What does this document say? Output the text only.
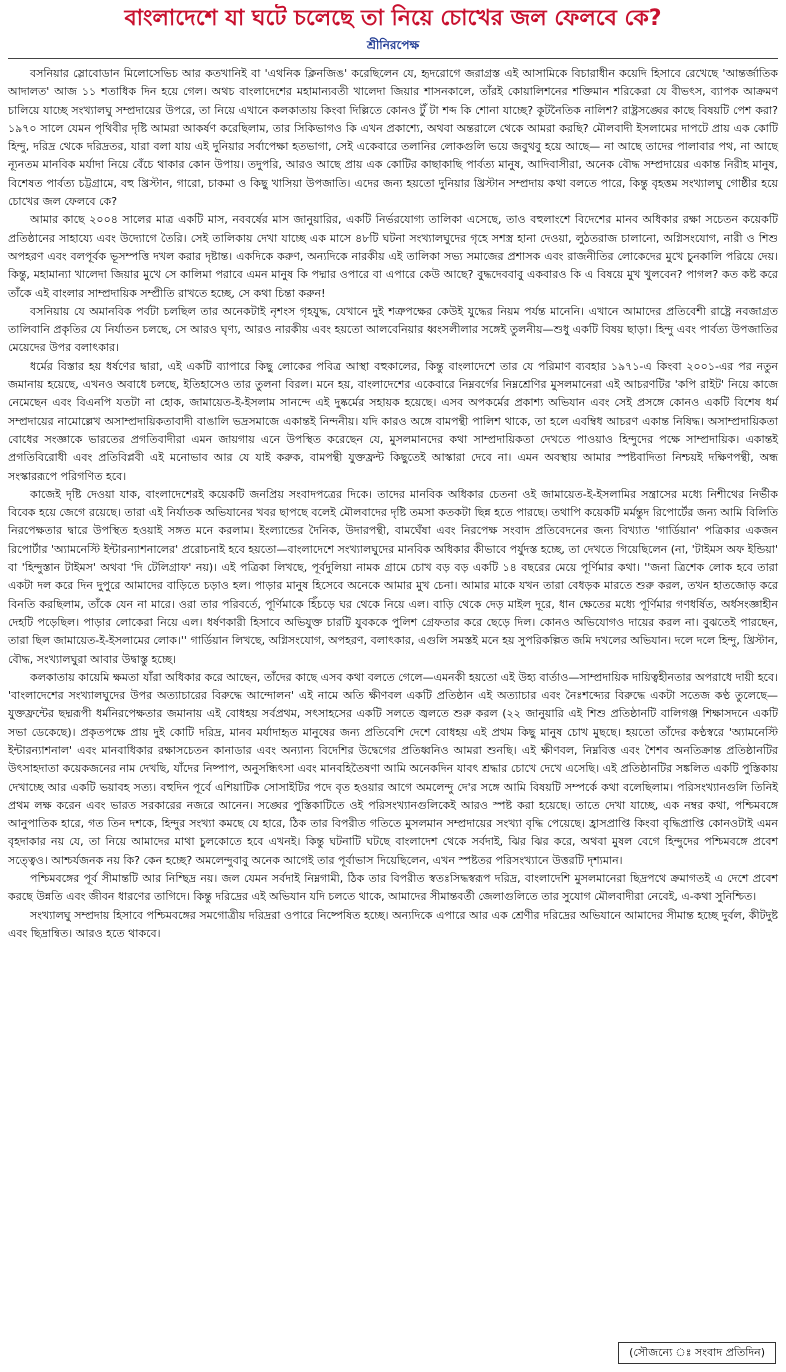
বাংলাদেশে যা ঘটে চলেছে তা নিয়ে চোখের জল ফেলবে কে?
শ্রীনিরপেক্ষ

বসনিয়ার স্লোবোডান মিলোসেভিচ আর কতখানিই বা 'এথনিক ক্লিনজিঙ' করেছিলেন যে, হৃদরোগে জরাগ্রস্ত এই আসামিকে বিচারাধীন কয়েদি হিসাবে রেখেছে 'আন্তর্জাতিক আদালত' আজ ১১ শতাধিক দিন হয়ে গেল। অথচ বাংলাদেশের মহামান্যবতী খালেদা জিয়ার শাসনকালে, তাঁরই কোয়ালিশনের শক্তিমান শরিকেরা যে বীভৎস, ব্যাপক আক্রমণ চালিয়ে যাচ্ছে সংখ্যালঘু সম্প্রদায়ের উপরে, তা নিয়ে এখানে কলকাতায় কিংবা দিল্লিতে কোনও টুঁ টা শব্দ কি শোনা যাচ্ছে? কূটনৈতিক নালিশ? রাষ্ট্রসঙ্ঘের কাছে বিষয়টি পেশ করা? ১৯৭০ সালে যেমন পৃথিবীর দৃষ্টি আমরা আকর্ষণ করেছিলাম, তার সিকিভাগও কি এখন প্রকাশ্যে, অথবা অন্তরালে থেকে আমরা করছি? মৌলবাদী ইসলামের দাপটে প্রায় এক কোটি হিন্দু, দরিদ্র থেকে দরিদ্রতর, যারা বলা যায় এই দুনিয়ার সর্বাপেক্ষা হতভাগা, সেই একেবারে তলানির লোকগুলি ভয়ে জবুথবু হয়ে আছে— না আছে তাদের পালাবার পথ, না আছে ন্যূনতম মানবিক মর্যাদা নিয়ে বেঁচে থাকার কোন উপায়। তদুপরি, আরও আছে প্রায় এক কোটির কাছাকাছি পার্বত্য মানুষ, আদিবাসীরা, অনেক বৌদ্ধ সম্প্রদায়ের একান্ত নিরীহ মানুষ, বিশেষত পার্বত্য চট্টগ্রামে, বহু খ্রিস্টান, গারো, চাকমা ও কিছু খাসিয়া উপজাতি। এদের জন্য হয়তো দুনিয়ার খ্রিস্টান সম্প্রদায় কথা বলতে পারে, কিন্তু বৃহত্তম সংখ্যালঘু গোষ্ঠীর হয়ে চোখের জল ফেলবে কে?

আমার কাছে ২০০৪ সালের মাত্র একটি মাস, নববর্ষের মাস জানুয়ারির, একটি নির্ভরযোগ্য তালিকা এসেছে, তাও বহুলাংশে বিদেশের মানব অধিকার রক্ষা সচেতন কয়েকটি প্রতিষ্ঠানের সাহায্যে এবং উদ্যোগে তৈরি। সেই তালিকায় দেখা যাচ্ছে এক মাসে ৪৮টি ঘটনা সংখ্যালঘুদের গৃহে সশস্ত্র হানা দেওয়া, লুঠতরাজ চালানো, অগ্নিসংযোগ, নারী ও শিশু অপহরণ এবং বলপূর্বক ভূসম্পত্তি দখল করার দৃষ্টান্ত। একদিকে করুণ, অন্যদিকে নারকীয় এই তালিকা সভ্য সমাজের প্রশাসক এবং রাজনীতির লোকেদের মুখে চুনকালি পরিয়ে দেয়। কিন্তু, মহামান্যা খালেদা জিয়ার মুখে সে কালিমা পরাবে এমন মানুষ কি পদ্মার ওপারে বা এপারে কেউ আছে? বুদ্ধদেববাবু একবারও কি এ বিষয়ে মুখ খুলবেন? পাগল? কত কষ্ট করে তাঁকে এই বাংলার সাম্প্রদায়িক সম্প্রীতি রাখতে হচ্ছে, সে কথা চিন্তা করুন!

বসনিয়ায় যে অমানবিক পর্বটা চলছিল তার অনেকটাই নৃশংস গৃহযুদ্ধ, যেখানে দুই শত্রুপক্ষের কেউই যুদ্ধের নিয়ম পর্যন্ত মানেনি। এখানে আমাদের প্রতিবেশী রাষ্ট্রে নবজাগ্রত তালিবানি প্রকৃতির যে নির্যাতন চলছে, সে আরও ঘৃণ্য, আরও নারকীয় এবং হয়তো আলবেনিয়ার ধ্বংসলীলার সঙ্গেই তুলনীয়—শুধু একটি বিষয় ছাড়া। হিন্দু এবং পার্বত্য উপজাতির মেয়েদের উপর বলাৎকার।

ধর্মের বিস্তার হয় ধর্ষণের দ্বারা, এই একটি ব্যাপারে কিছু লোকের পবিত্র আস্থা বহুকালের, কিন্তু বাংলাদেশে তার যে পরিমাণ ব্যবহার ১৯৭১-এ কিংবা ২০০১-এর পর নতুন জমানায় হয়েছে, এখনও অবাধে চলছে, ইতিহাসেও তার তুলনা বিরল। মনে হয়, বাংলাদেশের একেবারে নিম্নবর্গের নিম্নশ্রেণির মুসলমানেরা এই আচরণটির 'কপি রাইট' নিয়ে কাজে নেমেছেন এবং বিএনপি যতটা না হোক, জামায়েত-ই-ইসলাম সানন্দে এই দুষ্কর্মের সহায়ক হয়েছে। এসব অপকর্মের প্রকাশ্য অভিযান এবং সেই প্রসঙ্গে কোনও একটি বিশেষ ধর্ম সম্প্রদায়ের নামোল্লেখ অসাম্প্রদায়িকতাবাদী বাঙালি ভদ্রসমাজে একান্তই নিন্দনীয়। যদি কারও অঙ্গে বামপন্থী পালিশ থাকে, তা হলে এবম্বিধ আচরণ একান্ত নিষিদ্ধ। অসাম্প্রদায়িকতা বোধের সংজ্ঞাকে ভারতের প্রগতিবাদীরা এমন জায়গায় এনে উপস্থিত করেছেন যে, মুসলমানদের কথা সাম্প্রদায়িকতা দেখতে পাওয়াও হিন্দুদের পক্ষে সাম্প্রদায়িক। একান্তই প্রগতিবিরোধী এবং প্রতিবিপ্লবী এই মনোভাব আর যে যাই করুক, বামপন্থী যুক্তফ্রন্ট কিছুতেই আস্কারা দেবে না। এমন অবস্থায় আমার স্পষ্টবাদিতা নিশ্চয়ই দক্ষিণপন্থী, অন্ধ সংস্কাররূপে পরিগণিত হবে।

কাজেই দৃষ্টি দেওয়া যাক, বাংলাদেশেরই কয়েকটি জনপ্রিয় সংবাদপত্রের দিকে। তাদের মানবিক অধিকার চেতনা ওই জামায়েত-ই-ইসলামির সন্ত্রাসের মধ্যে নিশীথের নির্ভীক বিবেক হয়ে জেগে রয়েছে। তারা এই নির্যাতক অভিযানের খবর ছাপছে বলেই মৌলবাদের দৃষ্টি তমসা কতকটা ছিন্ন হতে পারছে। তথাপি কয়েকটি মর্মন্তুদ রিপোর্টের জন্য আমি বিলিতি নিরপেক্ষতার দ্বারে উপস্থিত হওয়াই সঙ্গত মনে করলাম। ইংল্যান্ডের দৈনিক, উদারপন্থী, বামঘেঁষা এবং নিরপেক্ষ সংবাদ প্রতিবেদনের জন্য বিখ্যাত 'গার্ডিয়ান' পত্রিকার একজন রিপোর্টার 'অ্যামনেস্টি ইন্টারন্যাশনালের' প্ররোচনাই হবে হয়তো—বাংলাদেশে সংখ্যালঘুদের মানবিক অধিকার কীভাবে পর্যুদস্ত হচ্ছে, তা দেখতে গিয়েছিলেন (না, 'টাইমস অফ ইন্ডিয়া' বা 'হিন্দুস্তান টাইমস' অথবা 'দি টেলিগ্রাফ' নয়)। এই পত্রিকা লিখছে, পূর্বদুলিয়া নামক গ্রামে চোখ বড় বড় একটি ১৪ বছরের মেয়ে পূর্ণিমার কথা। ''জনা ত্রিশেক লোক হবে তারা একটা দল করে দিন দুপুরে আমাদের বাড়িতে চড়াও হল। পাড়ার মানুষ হিসেবে অনেকে আমার মুখ চেনা। আমার মাকে যখন তারা বেধড়ক মারতে শুরু করল, তখন হাতজোড় করে বিনতি করছিলাম, তাঁকে যেন না মারে। ওরা তার পরিবর্তে, পূর্ণিমাকে হিঁচড়ে ঘর থেকে নিয়ে এল। বাড়ি থেকে দেড় মাইল দূরে, ধান ক্ষেতের মধ্যে পূর্ণিমার গণধর্ষিত, অর্ধসংজ্ঞাহীন দেহটি পড়েছিল। পাড়ার লোকেরা নিয়ে এল। ধর্ষণকারী হিসাবে অভিযুক্ত চারটি যুবককে পুলিশ গ্রেফতার করে ছেড়ে দিল। কোনও অভিযোগও দায়ের করল না। বুঝতেই পারছেন, তারা ছিল জামায়েত-ই-ইসলামের লোক।'' গার্ডিয়ান লিখছে, অগ্নিসংযোগ, অপহরণ, বলাৎকার, এগুলি সমস্তই মনে হয় সুপরিকল্পিত জমি দখলের অভিযান। দলে দলে হিন্দু, খ্রিস্টান, বৌদ্ধ, সংখ্যালঘুরা আবার উদ্বাস্তু হচ্ছে।

কলকাতায় কায়েমি ক্ষমতা যাঁরা অধিকার করে আছেন, তাঁদের কাছে এসব কথা বলতে গেলে—এমনকী হয়তো এই উহ্য বার্তাও—সাম্প্রদায়িক দায়িত্বহীনতার অপরাধে দায়ী হবে। 'বাংলাদেশের সংখ্যালঘুদের উপর অত্যাচারের বিরুদ্ধে আন্দোলন' এই নামে অতি ক্ষীণবল একটি প্রতিষ্ঠান এই অত্যাচার এবং নৈঃশব্দ্যের বিরুদ্ধে একটা সতেজ কণ্ঠ তুলেছে—যুক্তফ্রন্টের ছদ্মরূপী ধর্মনিরপেক্ষতার জমানায় এই বোধহয় সর্বপ্রথম, সৎসাহসের একটি সলতে জ্বলতে শুরু করল (২২ জানুয়ারি এই শিশু প্রতিষ্ঠানটি বালিগঞ্জ শিক্ষাসদনে একটি সভা ডেকেছে)। প্রকৃতপক্ষে প্রায় দুই কোটি দরিদ্র, মানব মর্যাদাহৃত মানুষের জন্য প্রতিবেশি দেশে বোধহয় এই প্রথম কিছু মানুষ চোখ মুছছে। হয়তো তাঁদের কণ্ঠস্বরে 'অ্যামনেস্টি ইন্টারন্যাশনাল' এবং মানবাধিকার রক্ষাসচেতন কানাডার এবং অন্যান্য বিদেশির উদ্বেগের প্রতিধ্বনিও আমরা শুনছি। এই ক্ষীণবল, নিম্নবিত্ত এবং শৈশব অনতিক্রান্ত প্রতিষ্ঠানটির উৎসাহদাতা কয়েকজনের নাম দেখছি, যাঁদের নিষ্পাপ, অনুসন্ধিৎসা এবং মানবহিতৈষণা আমি অনেকদিন যাবৎ শ্রদ্ধার চোখে দেখে এসেছি। এই প্রতিষ্ঠানটির সঙ্কলিত একটি পুস্তিকায় দেখাচ্ছে আর একটি ভয়াবহ সত্য। বহুদিন পূর্বে এশিয়াটিক সোসাইটির পদে বৃত হওয়ার আগে অমলেন্দু দে'র সঙ্গে আমি বিষয়টি সম্পর্কে কথা বলেছিলাম। পরিসংখ্যানগুলি তিনিই প্রথম লক্ষ করেন এবং ভারত সরকারের নজরে আনেন। সঙ্ঘের পুস্তিকাটিতে ওই পরিসংখ্যানগুলিকেই আরও স্পষ্ট করা হয়েছে। তাতে দেখা যাচ্ছে, এক নম্বর কথা, পশ্চিমবঙ্গে আনুপাতিক হারে, গত তিন দশকে, হিন্দুর সংখ্যা কমছে যে হারে, ঠিক তার বিপরীত গতিতে মুসলমান সম্প্রদায়ের সংখ্যা বৃদ্ধি পেয়েছে। হ্রাসপ্রাপ্তি কিংবা বৃদ্ধিপ্রাপ্তি কোনওটাই এমন বৃহদাকার নয় যে, তা নিয়ে আমাদের মাথা চুলকোতে হবে এখনই। কিন্তু ঘটনাটি ঘটছে বাংলাদেশ থেকে সর্বদাই, ঝির ঝির করে, অথবা মুষল বেগে হিন্দুদের পশ্চিমবঙ্গে প্রবেশ সত্ত্বেও। আশ্চর্যজনক নয় কি? কেন হচ্ছে? অমলেন্দুবাবু অনেক আগেই তার পূর্বাভাস দিয়েছিলেন, এখন স্পষ্টতর পরিসংখ্যানে উত্তরটি দৃশ্যমান।

পশ্চিমবঙ্গের পূর্ব সীমান্তটি আর নিশ্ছিদ্র নয়। জল যেমন সর্বদাই নিম্নগামী, ঠিক তার বিপরীত স্বতঃসিদ্ধস্বরূপ দরিদ্র, বাংলাদেশি মুসলমানেরা ছিদ্রপথে ক্রমাগতই এ দেশে প্রবেশ করছে উন্নতি এবং জীবন ধারণের তাগিদে। কিন্তু দরিদ্রের এই অভিযান যদি চলতে থাকে, আমাদের সীমান্তবর্তী জেলাগুলিতে তার সুযোগ মৌলবাদীরা নেবেই, এ-কথা সুনিশ্চিত।

সংখ্যালঘু সম্প্রদায় হিসাবে পশ্চিমবঙ্গের সমগোত্রীয় দরিদ্ররা ওপারে নিষ্পেষিত হচ্ছে। অন্যদিকে এপারে আর এক শ্রেণীর দরিদ্রের অভিযানে আমাদের সীমান্ত হচ্ছে দুর্বল, কীটদুষ্ট এবং ছিদ্রান্বিত। আরও হতে থাকবে।

(সৌজন্যে ঃ সংবাদ প্রতিদিন)
